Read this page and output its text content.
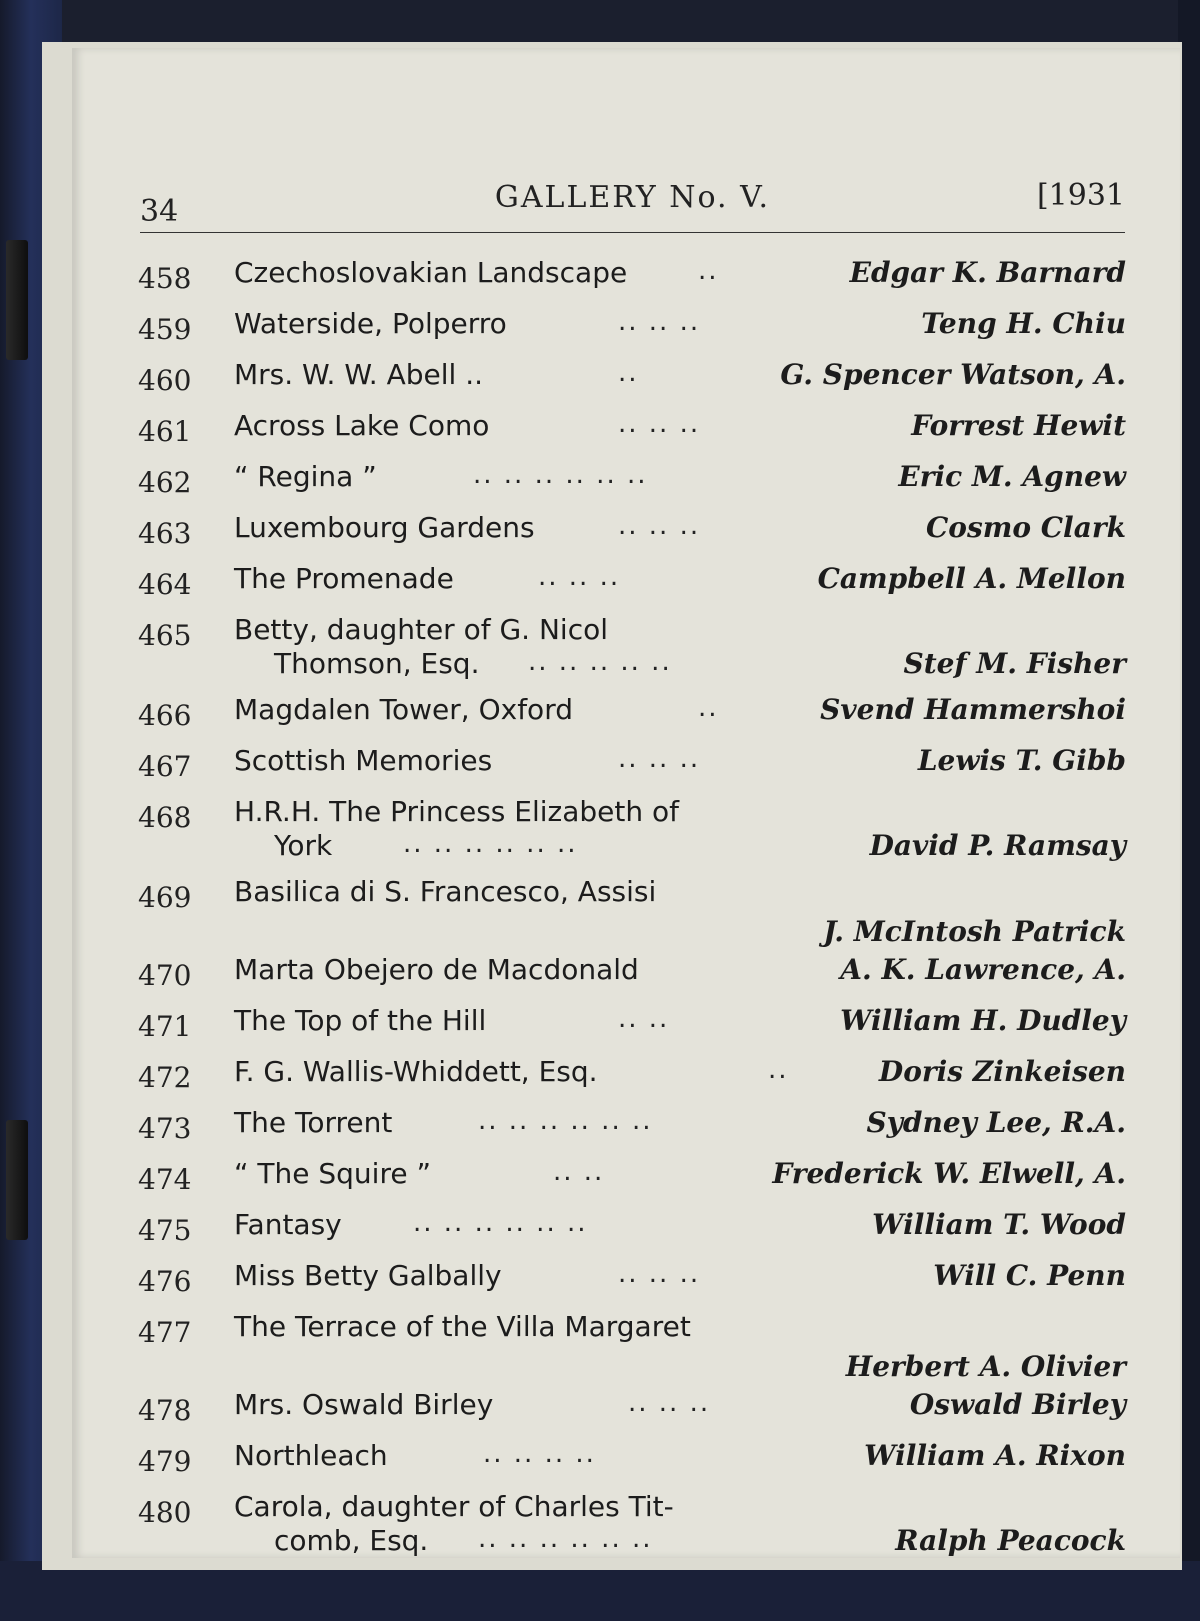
34	GALLERY No. V.	[1931
458 Czechoslovakian Landscape	..	Edgar K. Barnard
459 Waterside, Polperro	.. .. ..	Teng H. Chiu
460 Mrs. W. W. Abell ..	..	G. Spencer Watson, A.
461 Across Lake Como	.. .. ..	Forrest Hewit
462 “ Regina ”	.. .. .. .. .. ..	Eric M. Agnew
463 Luxembourg Gardens	.. .. ..	Cosmo Clark
464 The Promenade	.. .. ..	Campbell A. Mellon
465 Betty, daughter of G. Nicol
Thomson, Esq. .. .. .. .. ..	Stef M. Fisher
466 Magdalen Tower, Oxford	..	Svend Hammershoi
467 Scottish Memories	.. .. ..	Lewis T. Gibb
468 H.R.H. The Princess Elizabeth of
York	.. .. .. .. .. ..	David P. Ramsay
469 Basilica di S. Francesco, Assisi
J. McIntosh Patrick
470 Marta Obejero de Macdonald	A. K. Lawrence, A.
471 The Top of the Hill	.. ..	William H. Dudley
472 F. G. Wallis-Whiddett, Esq.	..	Doris Zinkeisen
473 The Torrent	.. .. .. .. .. ..	Sydney Lee, R.A.
474 “ The Squire ”	.. ..	Frederick W. Elwell, A.
475 Fantasy	.. .. .. .. .. ..	William T. Wood
476 Miss Betty Galbally	.. .. ..	Will C. Penn
477 The Terrace of the Villa Margaret
Herbert A. Olivier
478 Mrs. Oswald Birley	.. .. ..	Oswald Birley
479 Northleach	.. .. .. ..	William A. Rixon
480 Carola, daughter of Charles Tit-
comb, Esq. .. .. .. .. .. ..	Ralph Peacock
